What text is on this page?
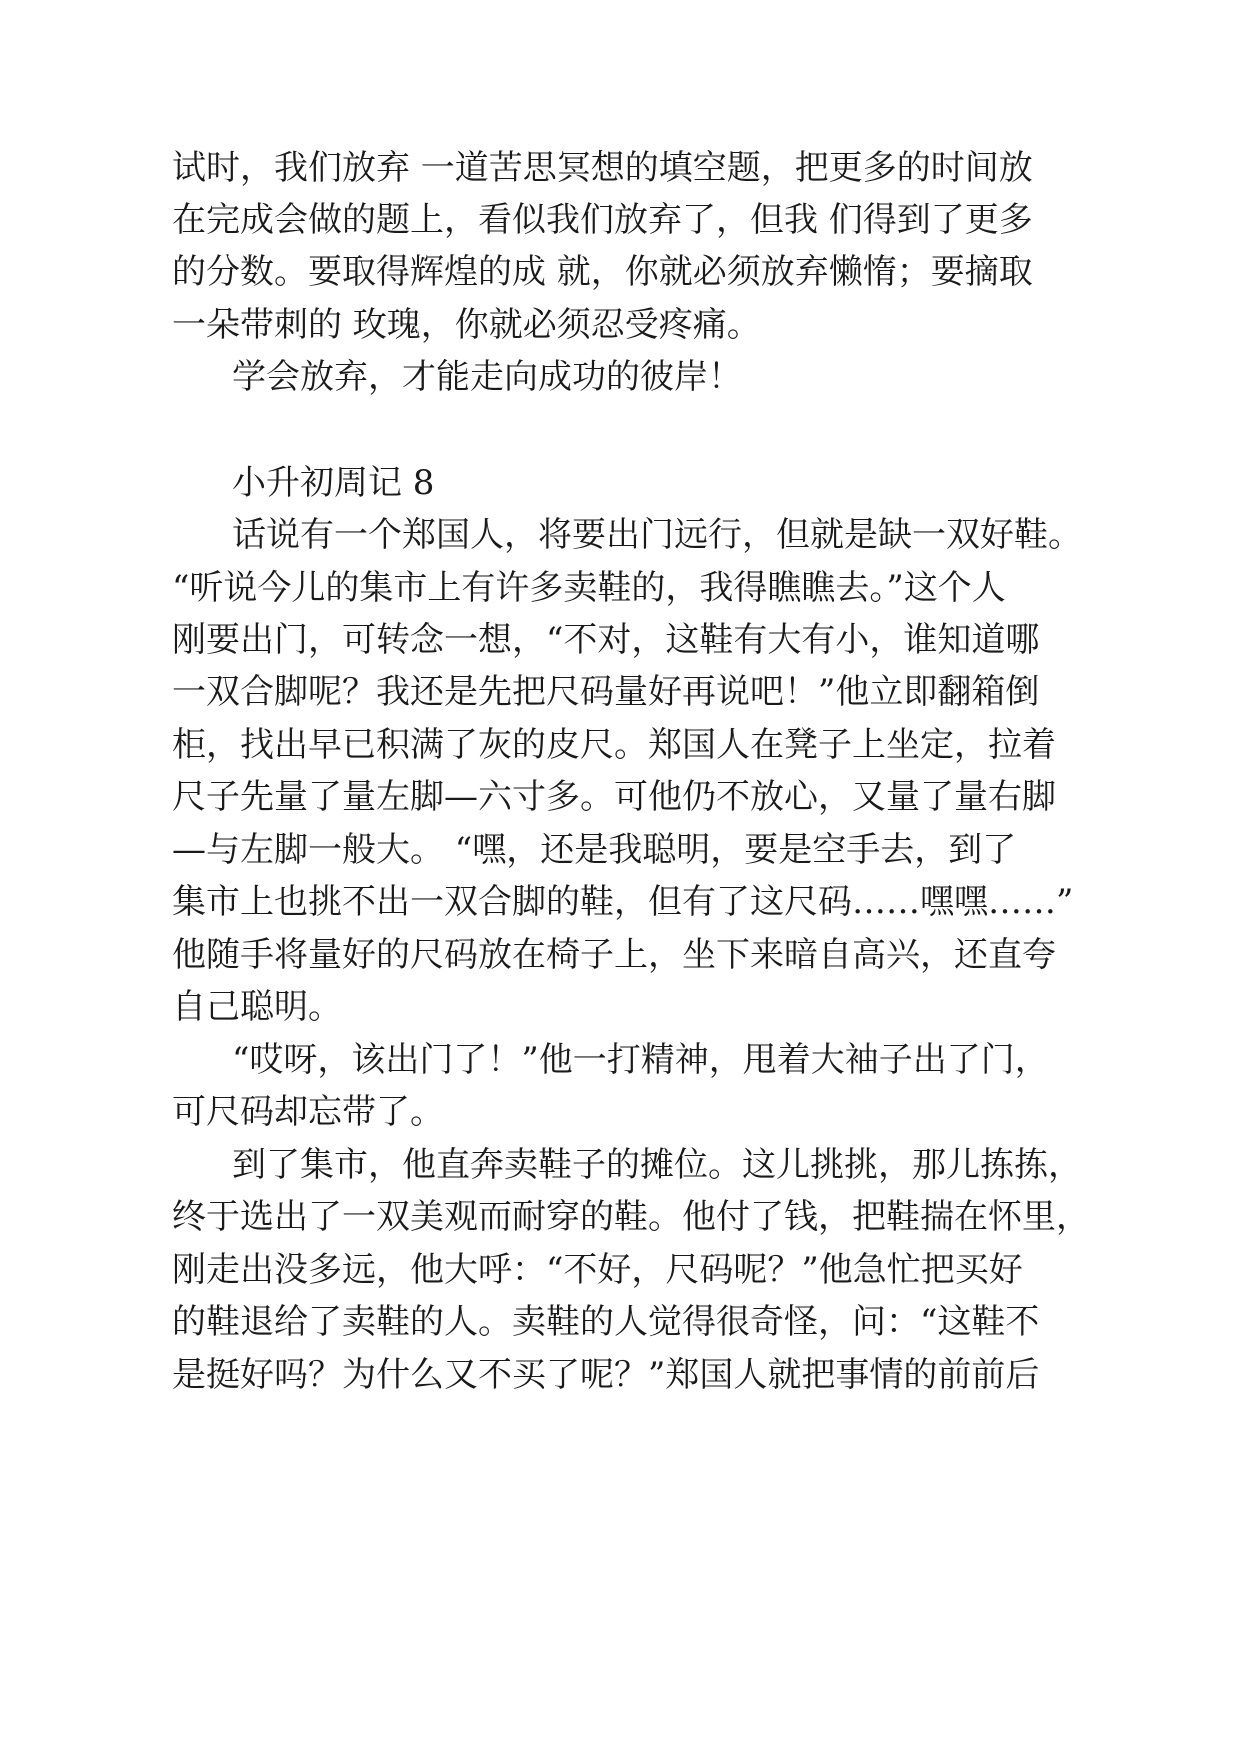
试时，我们放弃 一道苦思冥想的填空题，把更多的时间放
在完成会做的题上，看似我们放弃了，但我 们得到了更多
的分数。要取得辉煌的成 就，你就必须放弃懒惰；要摘取
一朵带刺的 玫瑰，你就必须忍受疼痛。
学会放弃，才能走向成功的彼岸！
小升初周记 8
话说有一个郑国人，将要出门远行，但就是缺一双好鞋。
“听说今儿的集市上有许多卖鞋的，我得瞧瞧去。”这个人
刚要出门，可转念一想，“不对，这鞋有大有小，谁知道哪
一双合脚呢？我还是先把尺码量好再说吧！”他立即翻箱倒
柜，找出早已积满了灰的皮尺。郑国人在凳子上坐定，拉着
尺子先量了量左脚—六寸多。可他仍不放心，又量了量右脚
—与左脚一般大。 “嘿，还是我聪明，要是空手去，到了
集市上也挑不出一双合脚的鞋，但有了这尺码……嘿嘿……”
他随手将量好的尺码放在椅子上，坐下来暗自高兴，还直夸
自己聪明。
“哎呀，该出门了！”他一打精神，甩着大袖子出了门，
可尺码却忘带了。
到了集市，他直奔卖鞋子的摊位。这儿挑挑，那儿拣拣，
终于选出了一双美观而耐穿的鞋。他付了钱，把鞋揣在怀里，
刚走出没多远，他大呼：“不好，尺码呢？”他急忙把买好
的鞋退给了卖鞋的人。卖鞋的人觉得很奇怪，问：“这鞋不
是挺好吗？为什么又不买了呢？”郑国人就把事情的前前后
